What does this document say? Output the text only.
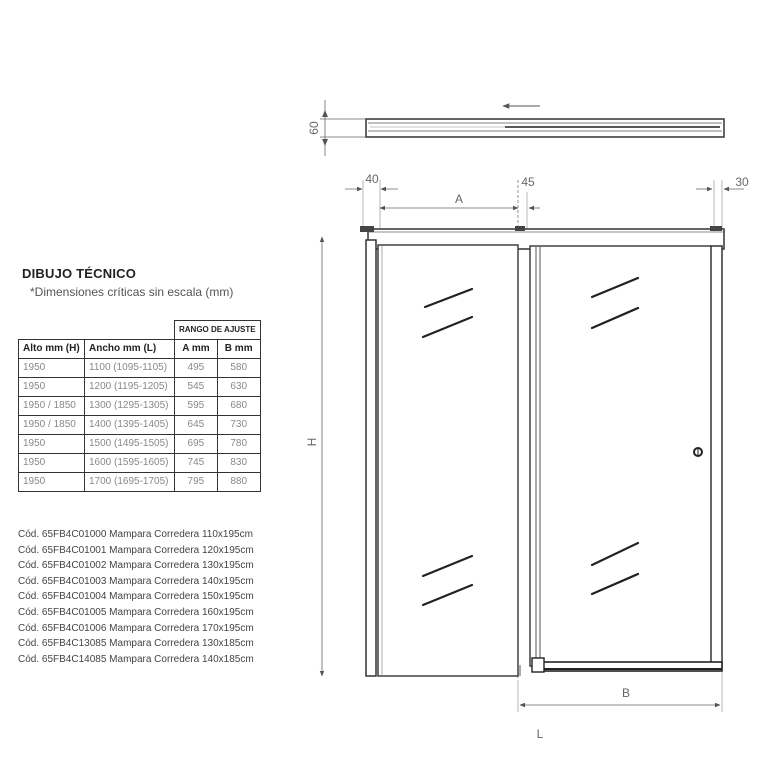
DIBUJO TÉCNICO
*Dimensiones críticas sin escala (mm)
		RANGO DE AJUSTE	
Alto mm (H)	Ancho mm (L)	A mm	B mm
1950	1100 (1095-1105)	495	580
1950	1200 (1195-1205)	545	630
1950 / 1850	1300 (1295-1305)	595	680
1950 / 1850	1400 (1395-1405)	645	730
1950	1500 (1495-1505)	695	780
1950	1600 (1595-1605)	745	830
1950	1700 (1695-1705)	795	880
Cód. 65FB4C01000 Mampara Corredera 110x195cm
Cód. 65FB4C01001 Mampara Corredera 120x195cm
Cód. 65FB4C01002 Mampara Corredera 130x195cm
Cód. 65FB4C01003 Mampara Corredera 140x195cm
Cód. 65FB4C01004 Mampara Corredera 150x195cm
Cód. 65FB4C01005 Mampara Corredera 160x195cm
Cód. 65FB4C01006 Mampara Corredera 170x195cm
Cód. 65FB4C13085 Mampara Corredera 130x185cm
Cód. 65FB4C14085 Mampara Corredera 140x185cm
60
40
A
45	30
H
B
L
